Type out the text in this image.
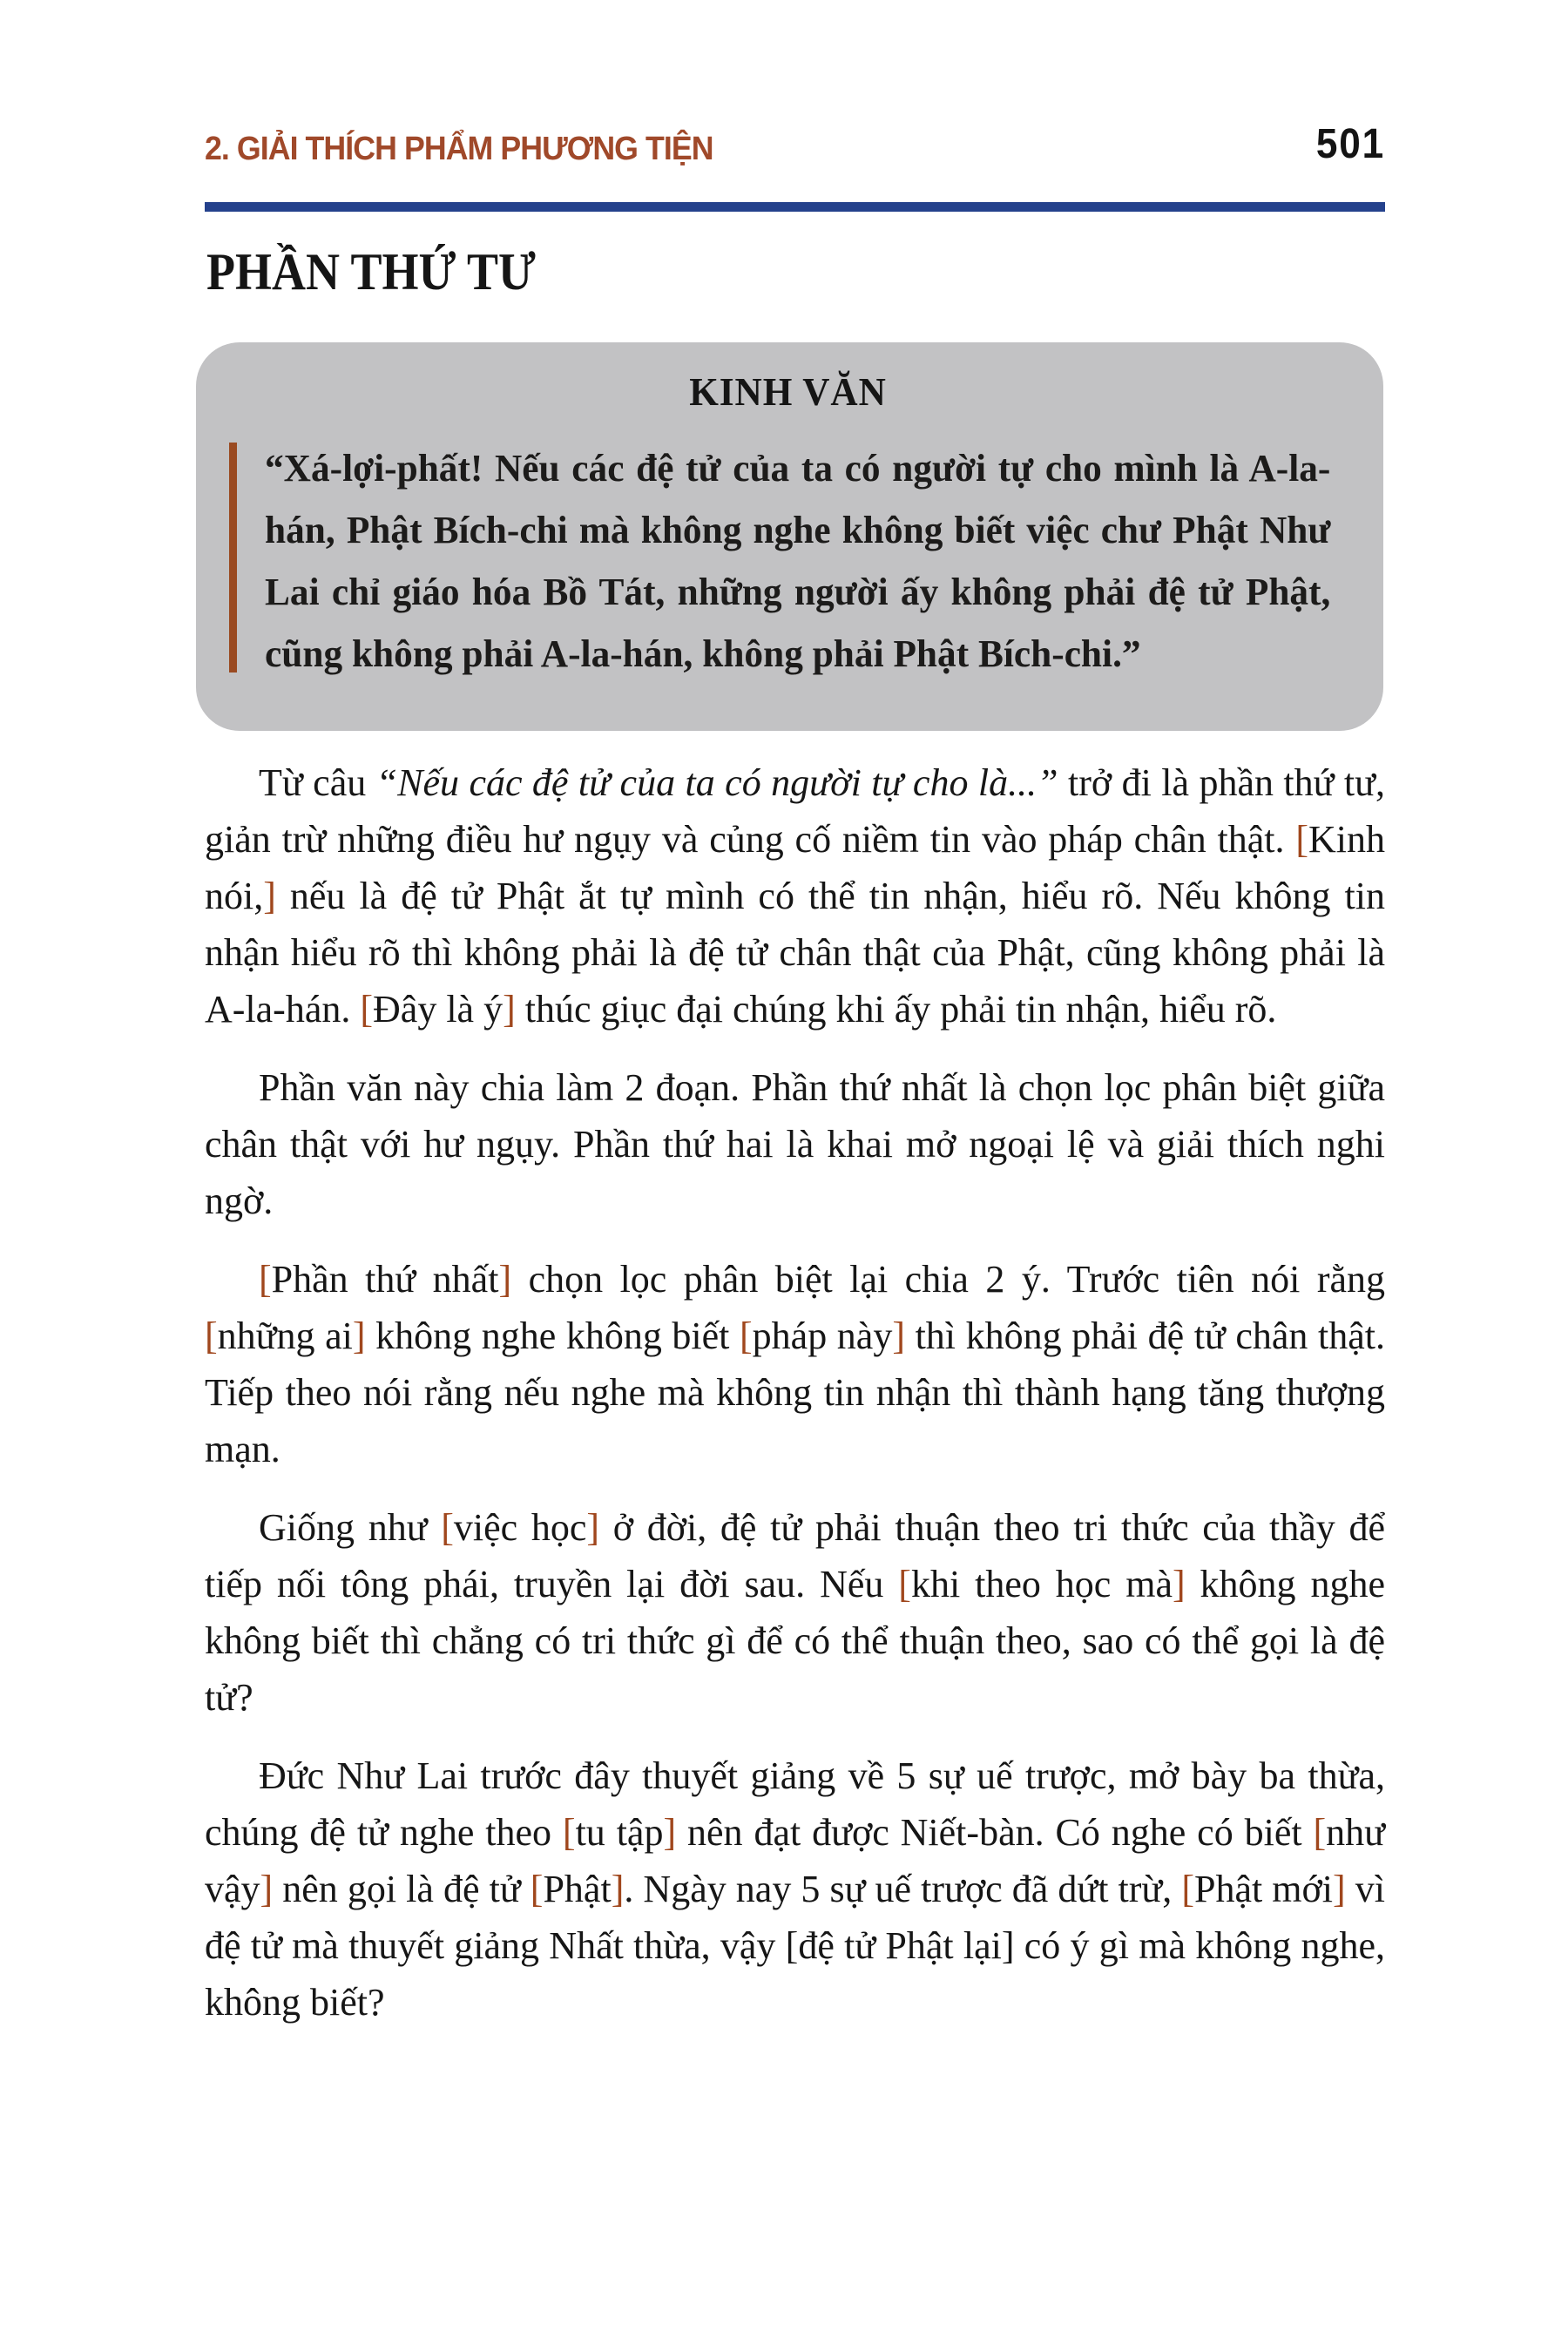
2. GIẢI THÍCH PHẨM PHƯƠNG TIỆN	501
PHẦN THỨ TƯ
KINH VĂN
“Xá-lợi-phất! Nếu các đệ tử của ta có người tự cho mình là A-la-hán, Phật Bích-chi mà không nghe không biết việc chư Phật Như Lai chỉ giáo hóa Bồ Tát, những người ấy không phải đệ tử Phật, cũng không phải A-la-hán, không phải Phật Bích-chi.”

Từ câu “Nếu các đệ tử của ta có người tự cho là...” trở đi là phần thứ tư, giản trừ những điều hư ngụy và củng cố niềm tin vào pháp chân thật. [Kinh nói,] nếu là đệ tử Phật ắt tự mình có thể tin nhận, hiểu rõ. Nếu không tin nhận hiểu rõ thì không phải là đệ tử chân thật của Phật, cũng không phải là A-la-hán. [Đây là ý] thúc giục đại chúng khi ấy phải tin nhận, hiểu rõ.

Phần văn này chia làm 2 đoạn. Phần thứ nhất là chọn lọc phân biệt giữa chân thật với hư ngụy. Phần thứ hai là khai mở ngoại lệ và giải thích nghi ngờ.

[Phần thứ nhất] chọn lọc phân biệt lại chia 2 ý. Trước tiên nói rằng [những ai] không nghe không biết [pháp này] thì không phải đệ tử chân thật. Tiếp theo nói rằng nếu nghe mà không tin nhận thì thành hạng tăng thượng mạn.

Giống như [việc học] ở đời, đệ tử phải thuận theo tri thức của thầy để tiếp nối tông phái, truyền lại đời sau. Nếu [khi theo học mà] không nghe không biết thì chẳng có tri thức gì để có thể thuận theo, sao có thể gọi là đệ tử?

Đức Như Lai trước đây thuyết giảng về 5 sự uế trược, mở bày ba thừa, chúng đệ tử nghe theo [tu tập] nên đạt được Niết-bàn. Có nghe có biết [như vậy] nên gọi là đệ tử [Phật]. Ngày nay 5 sự uế trược đã dứt trừ, [Phật mới] vì đệ tử mà thuyết giảng Nhất thừa, vậy [đệ tử Phật lại] có ý gì mà không nghe, không biết?
